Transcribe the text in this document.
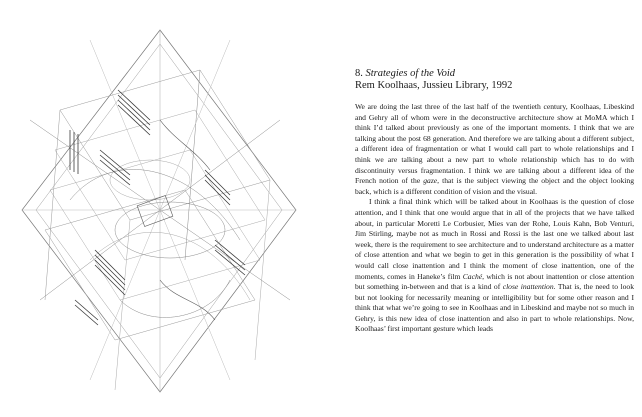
8. Strategies of the Void

Rem Koolhaas, Jussieu Library, 1992

We are doing the last three of the last half of the twentieth century, Koolhaas, Libeskind and Gehry all of whom were in the deconstructive architecture show at MoMA which I think I’d talked about previously as one of the important moments. I think that we are talking about the post 68 generation. And therefore we are talking about a different subject, a different idea of fragmentation or what I would call part to whole relationships and I think we are talking about a new part to whole relationship which has to do with discontinuity versus fragmentation. I think we are talking about a different idea of the French notion of the gaze, that is the subject viewing the object and the object looking back, which is a different condition of vision and the visual.

I think a final think which will be talked about in Koolhaas is the question of close attention, and I think that one would argue that in all of the projects that we have talked about, in particular Moretti Le Corbusier, Mies van der Rohe, Louis Kahn, Bob Venturi, Jim Stirling, maybe not as much in Rossi and Rossi is the last one we talked about last week, there is the requirement to see architecture and to understand architecture as a matter of close attention and what we begin to get in this generation is the possibility of what I would call close inattention and I think the moment of close inattention, one of the moments, comes in Haneke’s film Caché, which is not about inattention or close attention but something in-between and that is a kind of close inattention. That is, the need to look but not looking for necessarily meaning or intelligibility but for some other reason and I think that what we’re going to see in Koolhaas and in Libeskind and maybe not so much in Gehry, is this new idea of close inattention and also in part to whole relationships. Now, Koolhaas’ first important gesture which leads
